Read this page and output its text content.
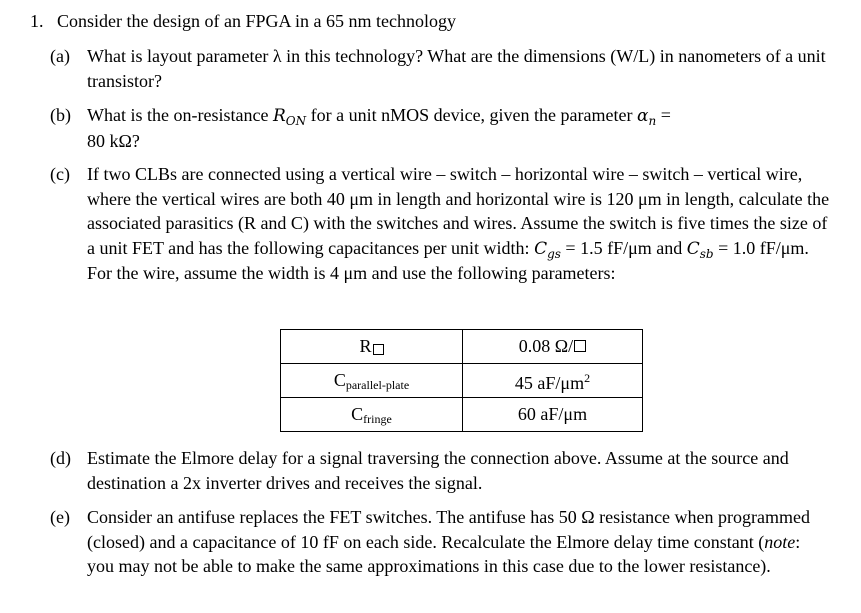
1. Consider the design of an FPGA in a 65 nm technology
(a) What is layout parameter λ in this technology? What are the dimensions (W/L) in nanometers of a unit transistor?
(b) What is the on-resistance $R_{ON}$ for a unit nMOS device, given the parameter $\alpha_n$ =
80 kΩ?
(c) If two CLBs are connected using a vertical wire – switch – horizontal wire – switch – vertical wire, where the vertical wires are both 40 μm in length and horizontal wire is 120 μm in length, calculate the associated parasitics (R and C) with the switches and wires. Assume the switch is five times the size of a unit FET and has the following capacitances per unit width: $C_{gs} = 1.5$ fF/μm and $C_{sb} = 1.0$ fF/μm. For the wire, assume the width is 4 μm and use the following parameters:
R	0.08 Ω/
$C_{parallel-plate}$	45 $aF/\mu m^2$
$C_{fringe}$	60 aF/μm
(d) Estimate the Elmore delay for a signal traversing the connection above. Assume at the source and destination a 2x inverter drives and receives the signal.
(e) Consider an antifuse replaces the FET switches. The antifuse has 50 Ω resistance when programmed (closed) and a capacitance of 10 fF on each side. Recalculate the Elmore delay time constant (note: you may not be able to make the same approximations in this case due to the lower resistance).
